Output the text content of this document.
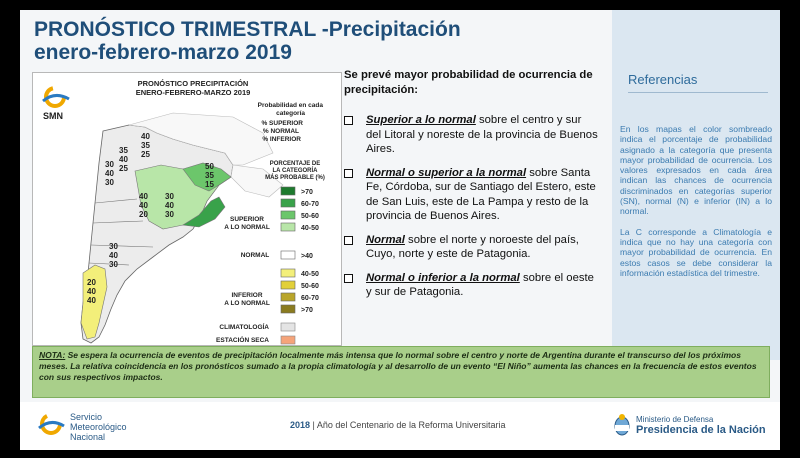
PRONÓSTICO TRIMESTRAL -Precipitación
enero-febrero-marzo 2019
SMN
PRONÓSTICO PRECIPITACIÓN
ENERO-FEBRERO-MARZO 2019
40
35
25
35
40
25
30
40
30
40
40
20
50
35
15
30
40
30
30
40
30
20
40
40
Probabilidad en cada
categoría
% SUPERIOR
% NORMAL
% INFERIOR
PORCENTAJE DE
LA CATEGORÍA
MÁS PROBABLE (%)
>70
60-70
50-60
40-50
SUPERIOR
A LO NORMAL
NORMAL	>40
40-50
50-60
60-70
>70
INFERIOR
A LO NORMAL
CLIMATOLOGÍA
ESTACIÓN SECA
Se prevé mayor probabilidad de ocurrencia de precipitación:
Superior a lo normal sobre el centro y sur del Litoral y noreste de la provincia de Buenos Aires.
Normal o superior a la normal sobre Santa Fe, Córdoba, sur de Santiago del Estero, este de San Luis, este de La Pampa y resto de la provincia de Buenos Aires.
Normal sobre el norte y noroeste del país, Cuyo, norte y este de Patagonia.
Normal o inferior a la normal sobre el oeste y sur de Patagonia.
Referencias

En los mapas el color sombreado indica el porcentaje de probabilidad asignado a la categoría que presenta mayor probabilidad de ocurrencia. Los valores expresados en cada área indican las chances de ocurrencia discriminados en categorías superior (SN), normal (N) e inferior (IN) a lo normal.

La C corresponde a Climatología e indica que no hay una categoría con mayor probabilidad de ocurrencia. En estos casos se debe considerar la información estadística del trimestre.

NOTA: Se espera la ocurrencia de eventos de precipitación localmente más intensa que lo normal sobre el centro y norte de Argentina durante el transcurso del los próximos meses. La relativa coincidencia en los pronósticos sumado a la propia climatología y al desarrollo de un evento “El Niño” aumenta las chances en la frecuencia de estos eventos con sus respectivos impactos.
Servicio
Meteorológico
Nacional
2018 | Año del Centenario de la Reforma Universitaria
Ministerio de Defensa
Presidencia de la Nación
